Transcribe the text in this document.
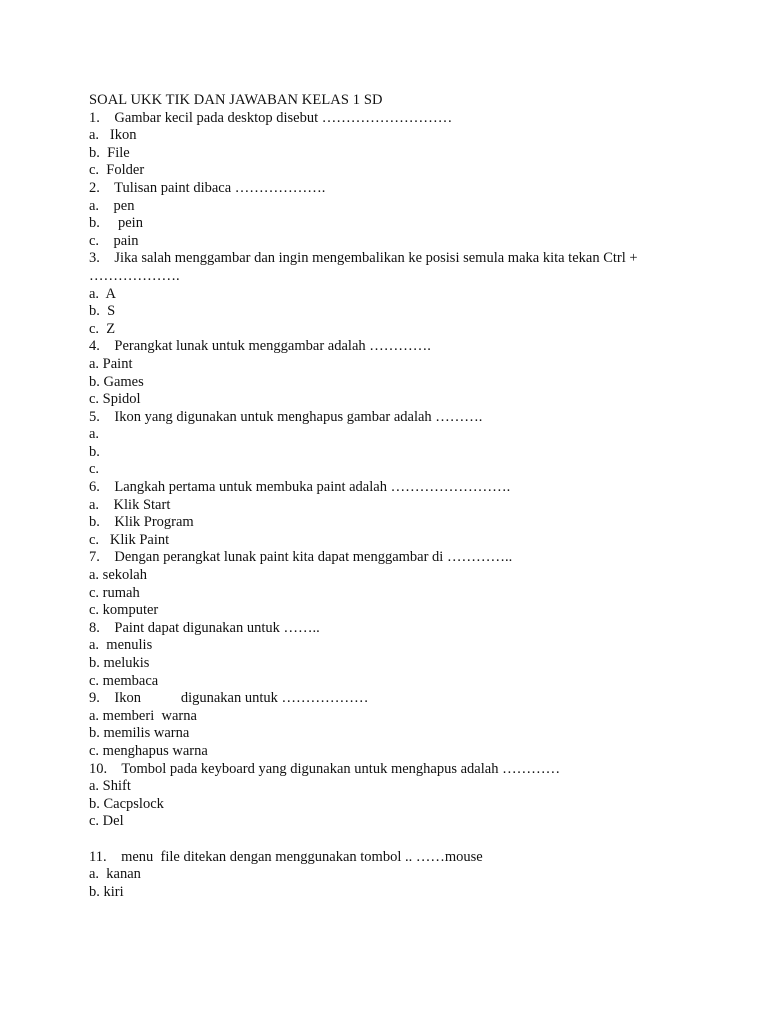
SOAL UKK TIK DAN JAWABAN KELAS 1 SD
1.    Gambar kecil pada desktop disebut ………………………
a.   Ikon
b.  File
c.  Folder
2.    Tulisan paint dibaca ……………….
a.    pen
b.     pein
c.    pain
3.    Jika salah menggambar dan ingin mengembalikan ke posisi semula maka kita tekan Ctrl +
……………….
a.  A
b.  S
c.  Z
4.    Perangkat lunak untuk menggambar adalah ………….
a. Paint
b. Games
c. Spidol
5.    Ikon yang digunakan untuk menghapus gambar adalah ……….
a.
b.
c.
6.    Langkah pertama untuk membuka paint adalah …………………….
a.    Klik Start
b.    Klik Program
c.   Klik Paint
7.    Dengan perangkat lunak paint kita dapat menggambar di …………..
a. sekolah
c. rumah
c. komputer
8.    Paint dapat digunakan untuk ……..
a.  menulis
b. melukis
c. membaca
9.    Ikon           digunakan untuk ………………
a. memberi  warna
b. memilis warna
c. menghapus warna
10.    Tombol pada keyboard yang digunakan untuk menghapus adalah …………
a. Shift
b. Cacpslock
c. Del
11.    menu  file ditekan dengan menggunakan tombol .. ……mouse
a.  kanan
b. kiri
